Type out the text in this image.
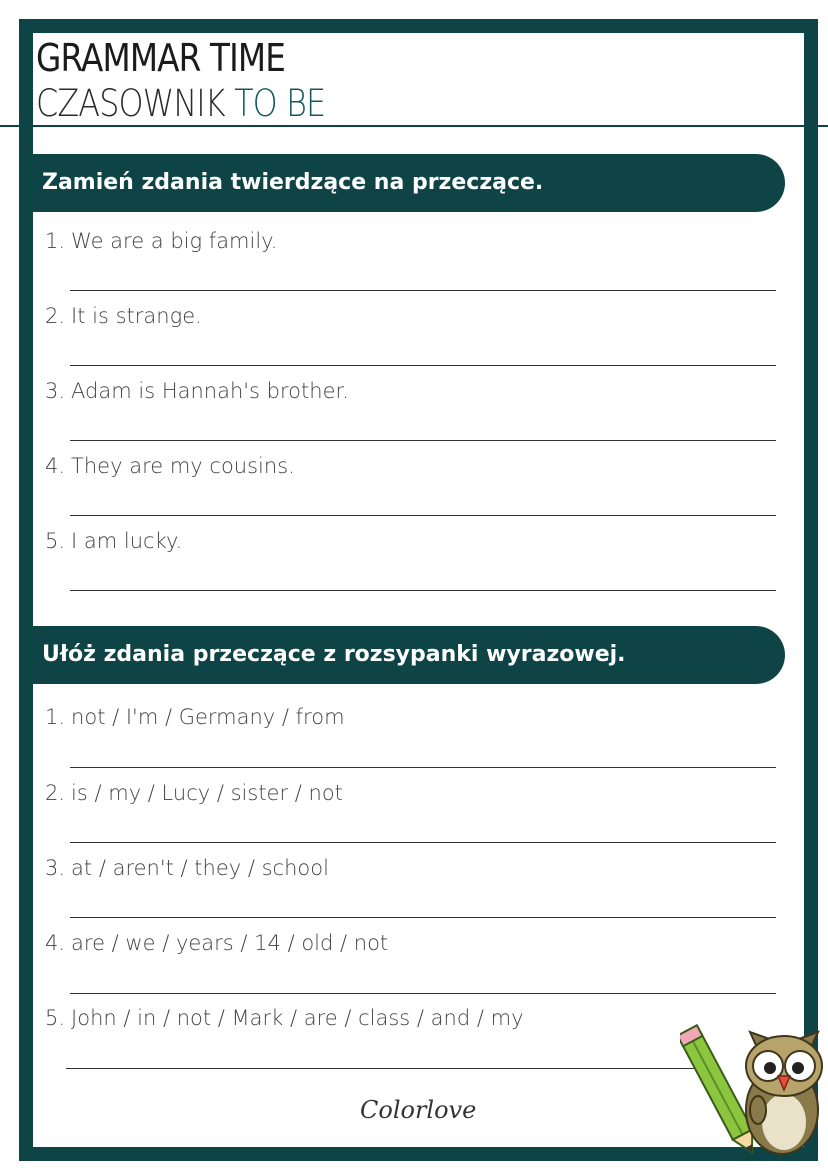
GRAMMAR TIME
CZASOWNIK TO BE
Zamień zdania twierdzące na przeczące.
1. We are a big family.
2. It is strange.
3. Adam is Hannah's brother.
4. They are my cousins.
5. I am lucky.
Ułóż zdania przeczące z rozsypanki wyrazowej.
1. not / I'm / Germany / from
2. is / my / Lucy / sister / not
3. at / aren't / they / school
4. are / we / years / 14 / old / not
5. John / in / not / Mark / are / class / and / my
Colorlove
